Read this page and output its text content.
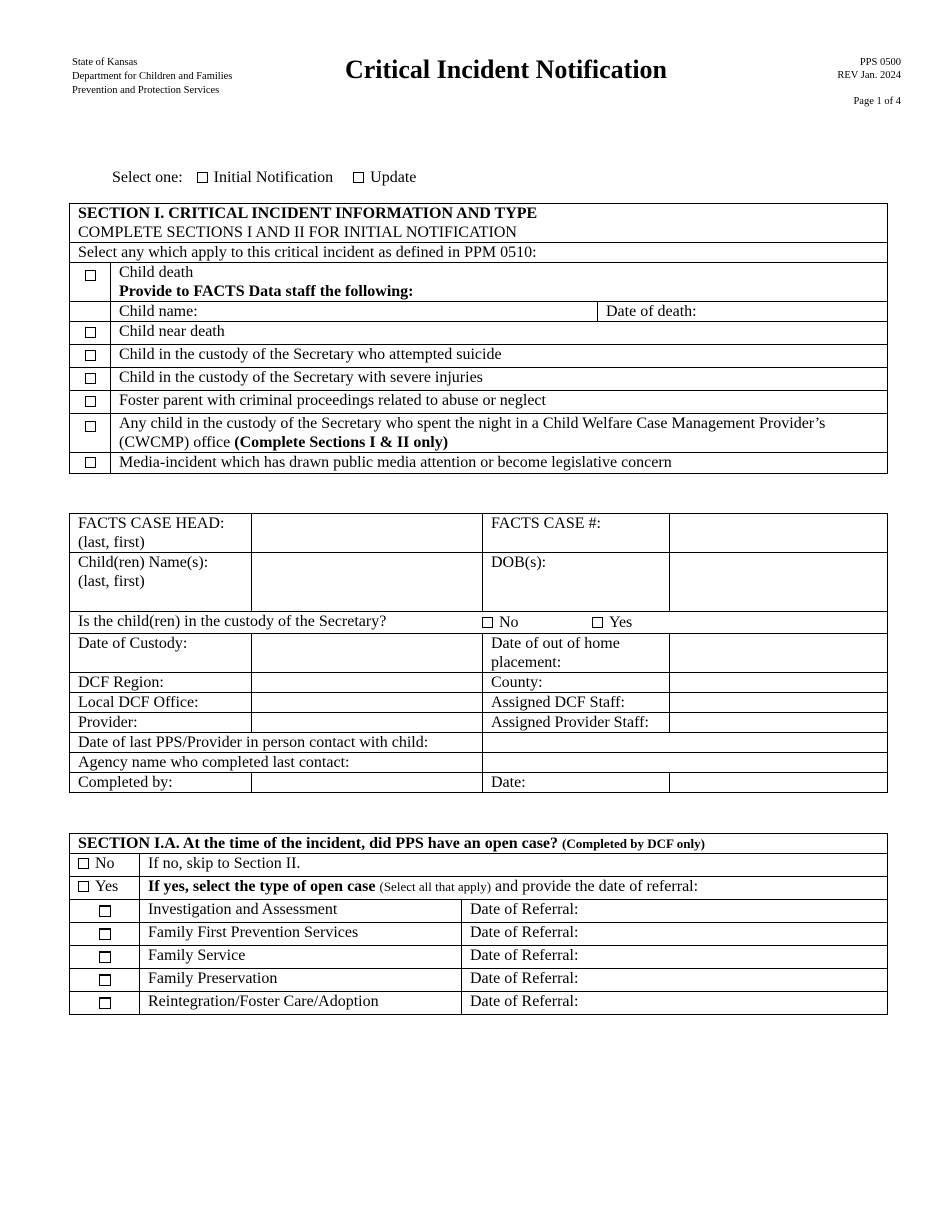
State of Kansas
Department for Children and Families
Prevention and Protection Services
Critical Incident Notification	PPS 0500
REV Jan. 2024
Page 1 of 4
Select one: Initial Notification Update
SECTION I. CRITICAL INCIDENT INFORMATION AND TYPE
COMPLETE SECTIONS I AND II FOR INITIAL NOTIFICATION		

Select any which apply to this critical incident as defined in PPM 0510:		

	Child death
Provide to FACTS Data staff the following:	

	Child name:	Date of death:
	Child near death	
	Child in the custody of the Secretary who attempted suicide	
	Child in the custody of the Secretary with severe injuries	
	Foster parent with criminal proceedings related to abuse or neglect	
	Any child in the custody of the Secretary who spent the night in a Child Welfare Case Management Provider’s (CWCMP) office (Complete Sections I & II only)	
	Media-incident which has drawn public media attention or become legislative concern	
FACTS CASE HEAD:
(last, first)		FACTS CASE #:	

Child(ren) Name(s):
(last, first)		DOB(s):	
Is the child(ren) in the custody of the Secretary? No Yes			

Date of Custody:		Date of out of home placement:	
DCF Region:		County:	
Local DCF Office:		Assigned DCF Staff:	
Provider:		Assigned Provider Staff:	
Date of last PPS/Provider in person contact with child:			
Agency name who completed last contact:			
Completed by:		Date:	
SECTION I.A. At the time of the incident, did PPS have an open case? (Completed by DCF only)		
No	If no, skip to Section II.	
Yes	If yes, select the type of open case (Select all that apply) and provide the date of referral:	
	Investigation and Assessment	Date of Referral:
	Family First Prevention Services	Date of Referral:
	Family Service	Date of Referral:
	Family Preservation	Date of Referral:
	Reintegration/Foster Care/Adoption	Date of Referral:
